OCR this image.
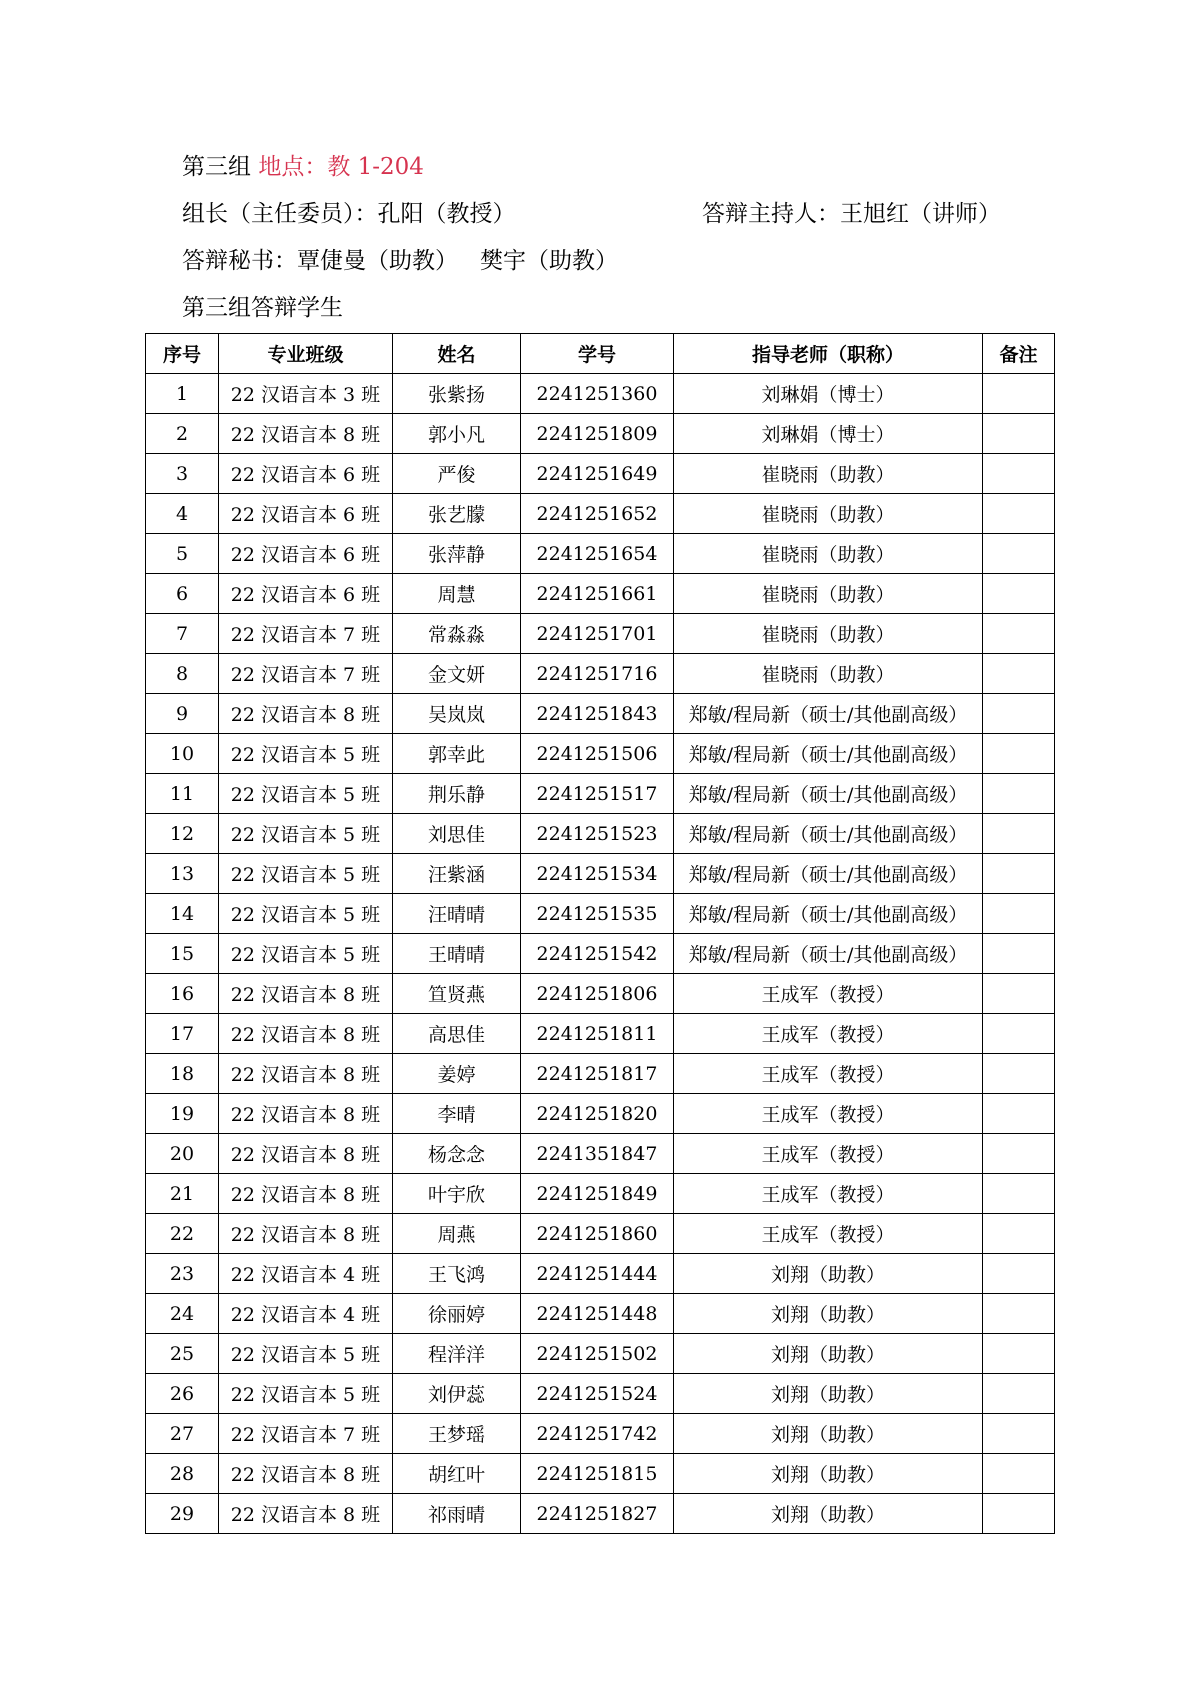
第三组 地点：教 1-204
组长（主任委员）：孔阳（教授）	答辩主持人：王旭红（讲师）
答辩秘书：覃倢曼（助教） 樊宇（助教）
第三组答辩学生
序号	专业班级	姓名	学号	指导老师（职称）	备注
1	22 汉语言本 3 班	张紫扬	2241251360	刘琳娟（博士）	
2	22 汉语言本 8 班	郭小凡	2241251809	刘琳娟（博士）	
3	22 汉语言本 6 班	严俊	2241251649	崔晓雨（助教）	
4	22 汉语言本 6 班	张艺朦	2241251652	崔晓雨（助教）	
5	22 汉语言本 6 班	张萍静	2241251654	崔晓雨（助教）	
6	22 汉语言本 6 班	周慧	2241251661	崔晓雨（助教）	
7	22 汉语言本 7 班	常淼淼	2241251701	崔晓雨（助教）	
8	22 汉语言本 7 班	金文妍	2241251716	崔晓雨（助教）	
9	22 汉语言本 8 班	吴岚岚	2241251843	郑敏/程局新（硕士/其他副高级）	
10	22 汉语言本 5 班	郭幸此	2241251506	郑敏/程局新（硕士/其他副高级）	
11	22 汉语言本 5 班	荆乐静	2241251517	郑敏/程局新（硕士/其他副高级）	
12	22 汉语言本 5 班	刘思佳	2241251523	郑敏/程局新（硕士/其他副高级）	
13	22 汉语言本 5 班	汪紫涵	2241251534	郑敏/程局新（硕士/其他副高级）	
14	22 汉语言本 5 班	汪晴晴	2241251535	郑敏/程局新（硕士/其他副高级）	
15	22 汉语言本 5 班	王晴晴	2241251542	郑敏/程局新（硕士/其他副高级）	
16	22 汉语言本 8 班	笪贤燕	2241251806	王成军（教授）	
17	22 汉语言本 8 班	高思佳	2241251811	王成军（教授）	
18	22 汉语言本 8 班	姜婷	2241251817	王成军（教授）	
19	22 汉语言本 8 班	李晴	2241251820	王成军（教授）	
20	22 汉语言本 8 班	杨念念	2241351847	王成军（教授）	
21	22 汉语言本 8 班	叶宇欣	2241251849	王成军（教授）	
22	22 汉语言本 8 班	周燕	2241251860	王成军（教授）	
23	22 汉语言本 4 班	王飞鸿	2241251444	刘翔（助教）	
24	22 汉语言本 4 班	徐丽婷	2241251448	刘翔（助教）	
25	22 汉语言本 5 班	程洋洋	2241251502	刘翔（助教）	
26	22 汉语言本 5 班	刘伊蕊	2241251524	刘翔（助教）	
27	22 汉语言本 7 班	王梦瑶	2241251742	刘翔（助教）	
28	22 汉语言本 8 班	胡红叶	2241251815	刘翔（助教）	
29	22 汉语言本 8 班	祁雨晴	2241251827	刘翔（助教）	
